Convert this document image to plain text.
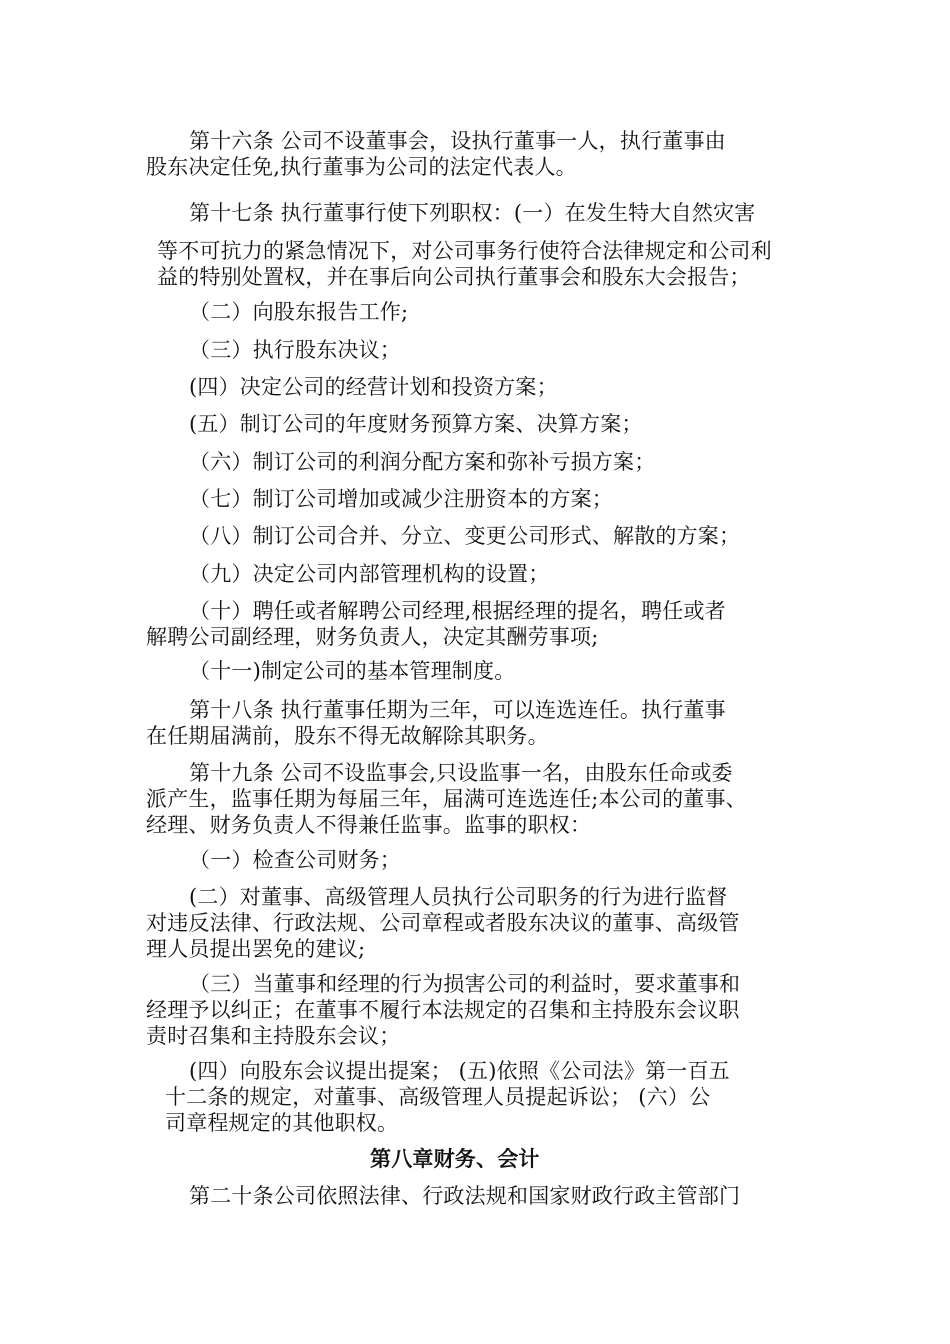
第十六条 公司不设董事会，设执行董事一人，执行董事由
股东决定任免,执行董事为公司的法定代表人。
第十七条 执行董事行使下列职权：(一）在发生特大自然灾害
等不可抗力的紧急情况下，对公司事务行使符合法律规定和公司利
益的特别处置权，并在事后向公司执行董事会和股东大会报告；
（二）向股东报告工作;
（三）执行股东决议；
(四）决定公司的经营计划和投资方案；
(五）制订公司的年度财务预算方案、决算方案；
（六）制订公司的利润分配方案和弥补亏损方案；
（七）制订公司增加或减少注册资本的方案；
（八）制订公司合并、分立、变更公司形式、解散的方案；
（九）决定公司内部管理机构的设置；
（十）聘任或者解聘公司经理,根据经理的提名，聘任或者
解聘公司副经理，财务负责人，决定其酬劳事项;
（十一)制定公司的基本管理制度。
第十八条 执行董事任期为三年，可以连选连任。执行董事
在任期届满前，股东不得无故解除其职务。
第十九条 公司不设监事会,只设监事一名，由股东任命或委
派产生，监事任期为每届三年，届满可连选连任;本公司的董事、
经理、财务负责人不得兼任监事。监事的职权：
（一）检查公司财务；
(二）对董事、高级管理人员执行公司职务的行为进行监督
对违反法律、行政法规、公司章程或者股东决议的董事、高级管
理人员提出罢免的建议;
（三）当董事和经理的行为损害公司的利益时，要求董事和
经理予以纠正；在董事不履行本法规定的召集和主持股东会议职
责时召集和主持股东会议；
(四）向股东会议提出提案； (五)依照《公司法》第一百五
十二条的规定，对董事、高级管理人员提起诉讼； (六）公
司章程规定的其他职权。
第八章财务、会计
第二十条公司依照法律、行政法规和国家财政行政主管部门
